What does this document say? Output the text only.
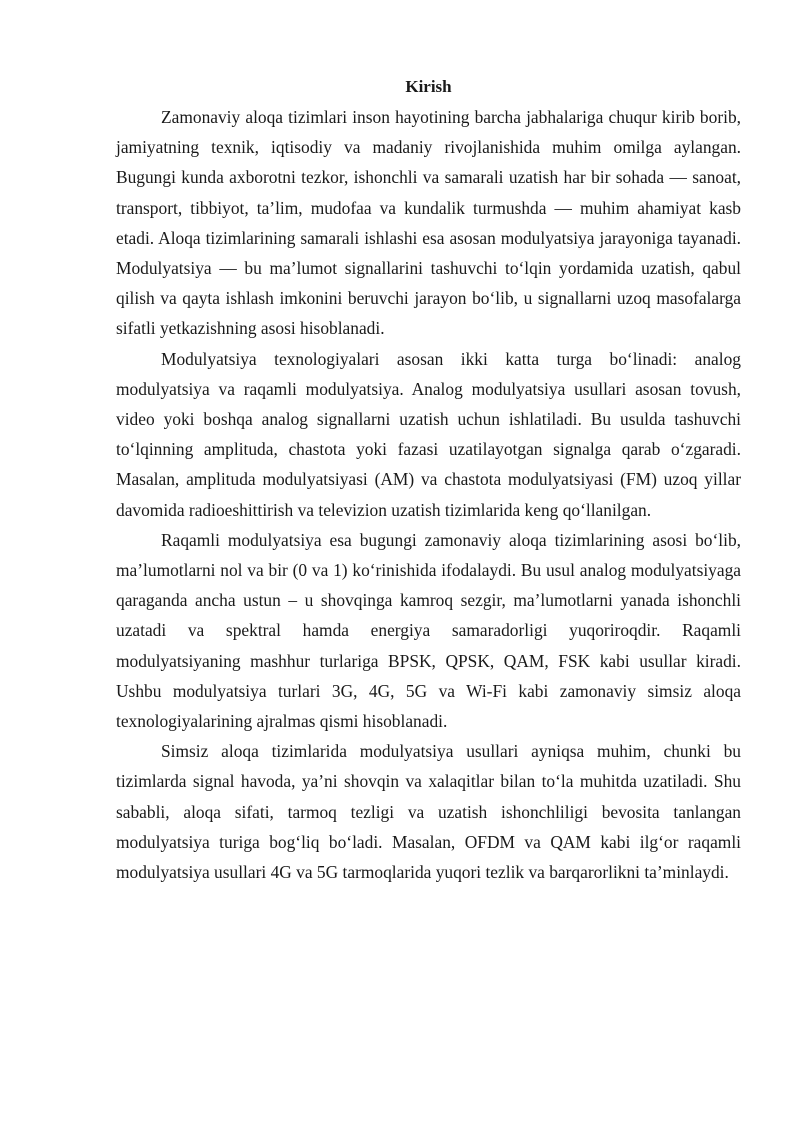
Kirish

Zamonaviy aloqa tizimlari inson hayotining barcha jabhalariga chuqur kirib borib, jamiyatning texnik, iqtisodiy va madaniy rivojlanishida muhim omilga aylangan. Bugungi kunda axborotni tezkor, ishonchli va samarali uzatish har bir sohada — sanoat, transport, tibbiyot, ta’lim, mudofaa va kundalik turmushda — muhim ahamiyat kasb etadi. Aloqa tizimlarining samarali ishlashi esa asosan modulyatsiya jarayoniga tayanadi. Modulyatsiya — bu ma’lumot signallarini tashuvchi to‘lqin yordamida uzatish, qabul qilish va qayta ishlash imkonini beruvchi jarayon bo‘lib, u signallarni uzoq masofalarga sifatli yetkazishning asosi hisoblanadi.

Modulyatsiya texnologiyalari asosan ikki katta turga bo‘linadi: analog modulyatsiya va raqamli modulyatsiya. Analog modulyatsiya usullari asosan tovush, video yoki boshqa analog signallarni uzatish uchun ishlatiladi. Bu usulda tashuvchi to‘lqinning amplituda, chastota yoki fazasi uzatilayotgan signalga qarab o‘zgaradi. Masalan, amplituda modulyatsiyasi (AM) va chastota modulyatsiyasi (FM) uzoq yillar davomida radioeshittirish va televizion uzatish tizimlarida keng qo‘llanilgan.

Raqamli modulyatsiya esa bugungi zamonaviy aloqa tizimlarining asosi bo‘lib, ma’lumotlarni nol va bir (0 va 1) ko‘rinishida ifodalaydi. Bu usul analog modulyatsiyaga qaraganda ancha ustun – u shovqinga kamroq sezgir, ma’lumotlarni yanada ishonchli uzatadi va spektral hamda energiya samaradorligi yuqoriroqdir. Raqamli modulyatsiyaning mashhur turlariga BPSK, QPSK, QAM, FSK kabi usullar kiradi. Ushbu modulyatsiya turlari 3G, 4G, 5G va Wi-Fi kabi zamonaviy simsiz aloqa texnologiyalarining ajralmas qismi hisoblanadi.

Simsiz aloqa tizimlarida modulyatsiya usullari ayniqsa muhim, chunki bu tizimlarda signal havoda, ya’ni shovqin va xalaqitlar bilan to‘la muhitda uzatiladi. Shu sababli, aloqa sifati, tarmoq tezligi va uzatish ishonchliligi bevosita tanlangan modulyatsiya turiga bog‘liq bo‘ladi. Masalan, OFDM va QAM kabi ilg‘or raqamli modulyatsiya usullari 4G va 5G tarmoqlarida yuqori tezlik va barqarorlikni ta’minlaydi.
